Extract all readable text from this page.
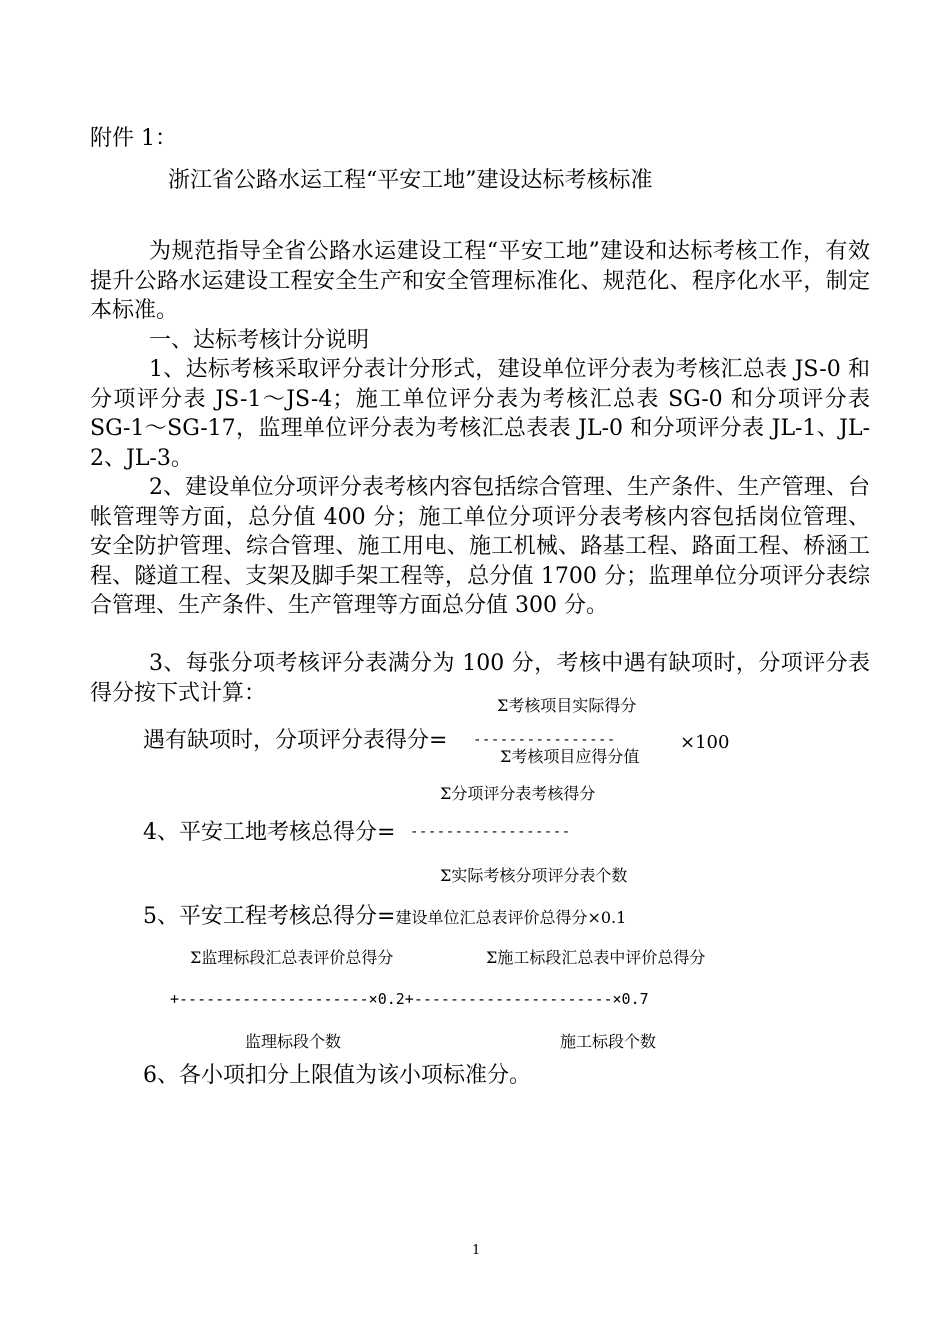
附件 1：
浙江省公路水运工程“平安工地”建设达标考核标准
为规范指导全省公路水运建设工程“平安工地”建设和达标考核工作，有效提升公路水运建设工程安全生产和安全管理标准化、规范化、程序化水平，制定本标准。
一、达标考核计分说明
1、达标考核采取评分表计分形式，建设单位评分表为考核汇总表 JS-0 和分项评分表 JS-1～JS-4；施工单位评分表为考核汇总表 SG-0 和分项评分表 SG-1～SG-17，监理单位评分表为考核汇总表表 JL-0 和分项评分表 JL-1、JL-2、JL-3。
2、建设单位分项评分表考核内容包括综合管理、生产条件、生产管理、台帐管理等方面，总分值 400 分；施工单位分项评分表考核内容包括岗位管理、安全防护管理、综合管理、施工用电、施工机械、路基工程、路面工程、桥涵工程、隧道工程、支架及脚手架工程等，总分值 1700 分；监理单位分项评分表综合管理、生产条件、生产管理等方面总分值 300 分。
3、每张分项考核评分表满分为 100 分，考核中遇有缺项时，分项评分表得分按下式计算：	Σ考核项目实际得分
遇有缺项时，分项评分表得分= ----------------	×100
Σ考核项目应得分值
Σ分项评分表考核得分
4、平安工地考核总得分= ------------------
Σ实际考核分项评分表个数
5、平安工程考核总得分=建设单位汇总表评价总得分×0.1
Σ监理标段汇总表评价总得分	Σ施工标段汇总表中评价总得分
+---------------------×0.2+----------------------×0.7
监理标段个数	施工标段个数
6、各小项扣分上限值为该小项标准分。
1
